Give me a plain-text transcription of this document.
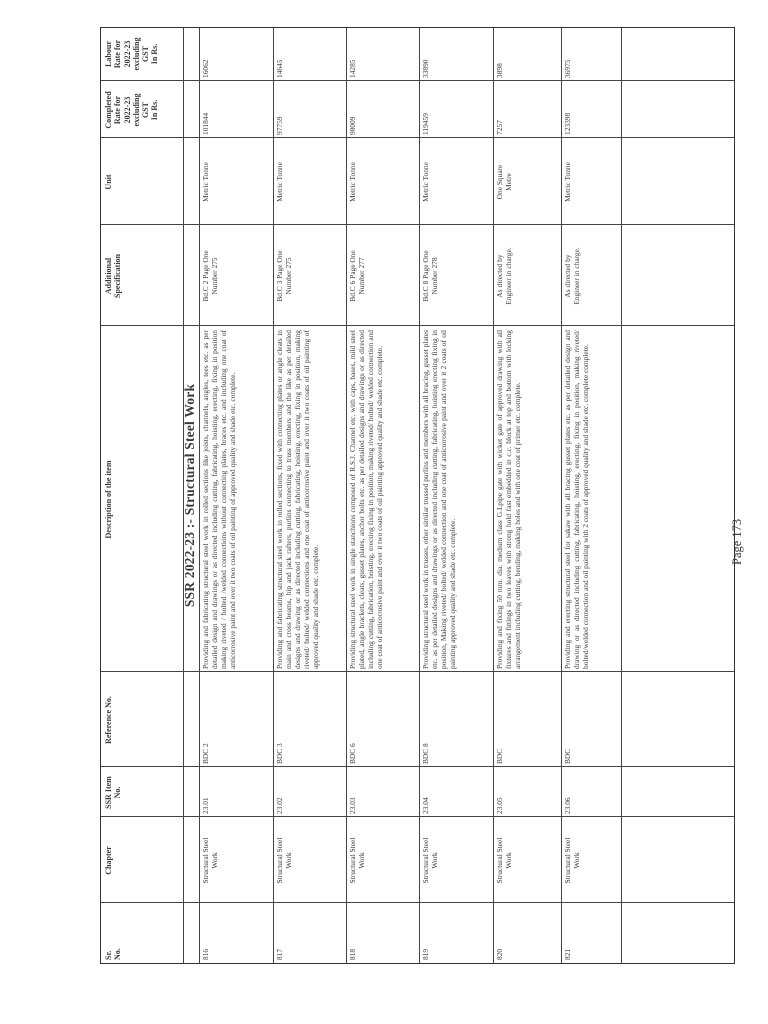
Sr.
No.
Chapter
SSR Item
No.
Reference No.
Description of the item
Additional
Specification
Unit
Completed
Rate for
2022-23
excluding
GST
In Rs.
Labour
Rate for
2022-23
excluding
GST
In Rs.
SSR 2022-23 :- Structural Steel Work
816
Structural Steel
Work
23.01
BDC 2
Providing and fabricating structural steel work in rolled sections like joists, channels, angles, tees etc. as per detailed design and drawings or as directed including cutting, fabricating, hoisting, erecting, fixing in position making riveted / bolted /welded connections without connecting plates, braces etc. and including one coat of anticorrosive paint and over it two coats of oil painting of approved quality and shade etc. complete.
Bd.C 2 Page One
Number 275
Metric Tonne
101844
16062
817
Structural Steel
Work
23.02
BDC 3
Providing and fabricating structural steel work in rolled sections, fixed with connecting plates or angle cleats in main and cross beams, hip and jack rafters, purlins connecting to truss members and the like as per detailed designs and drawing or as directed including cutting, fabricating, hoisting, erecting, fixing in position, making riveted/ bolted/ welded connections and one coat of anticorrosive paint and over it two coats of oil painting of approved quality and shade etc. complete.
Bd.C 3 Page One
Number 275
Metric Tonne
97759
14645
818
Structural Steel
Work
23.03
BDC 6
Providing structural steel work in single stanchions composed of R.S.J. Channel etc. with caps, bases, mild steel plated, angle brackets, cleats, gusset plates, anchor bolts etc. as per detailed designs and drawings or as directed including cutting, fabrication, hoisting, erecting fixing in position, making riveted/ bolted/ welded connection and one coat of anticorrosive paint and over it two coats of oil painting approved quality and shade etc. complete.
Bd.C 6 Page One
Number 277
Metric Tonne
98009
14285
819
Structural Steel
Work
23.04
BDC 8
Providing structural steel work in trusses, other similar trussed purlins and members with all bracing, gusset plates etc. as per detailed designs and drawings or as directed including cutting, fabricating, hoisting erecting fixing in position, Making riveted/ bolted/ welded connection and one coat of anticorrosive paint and over it 2 coats of oil painting approved quality and shade etc. complete.
Bd.C 8 Page One
Number 278
Metric Tonne
119459
33890
820
Structural Steel
Work
23.05
BDC
Providing and fixing 50 mm. dia. medium class G.I.pipe gate with wicket gate of approved drawing with all fixtures and fittings in two leaves with strong hold fast embedded in c.c. block at top and bottom with locking arrangement including cutting, bending, making holes and with one coat of primer etc. complete.
As directed by
Engineer in charge.
One Square
Metre
7257
3898
821
Structural Steel
Work
23.06
BDC
Providing and erecting structural steel for sakaw with all bracing gusset plates etc. as per detailed design and drawing or as directed including cutting, fabricating, hoisting, erecting, fixing in position, making riveted/ bolted/welded connection and oil painting with 2 coats of approved quality and shade etc. complete complete.
As directed by
Engineer in charge.
Metric Tonne
123398
36975
Page 173
